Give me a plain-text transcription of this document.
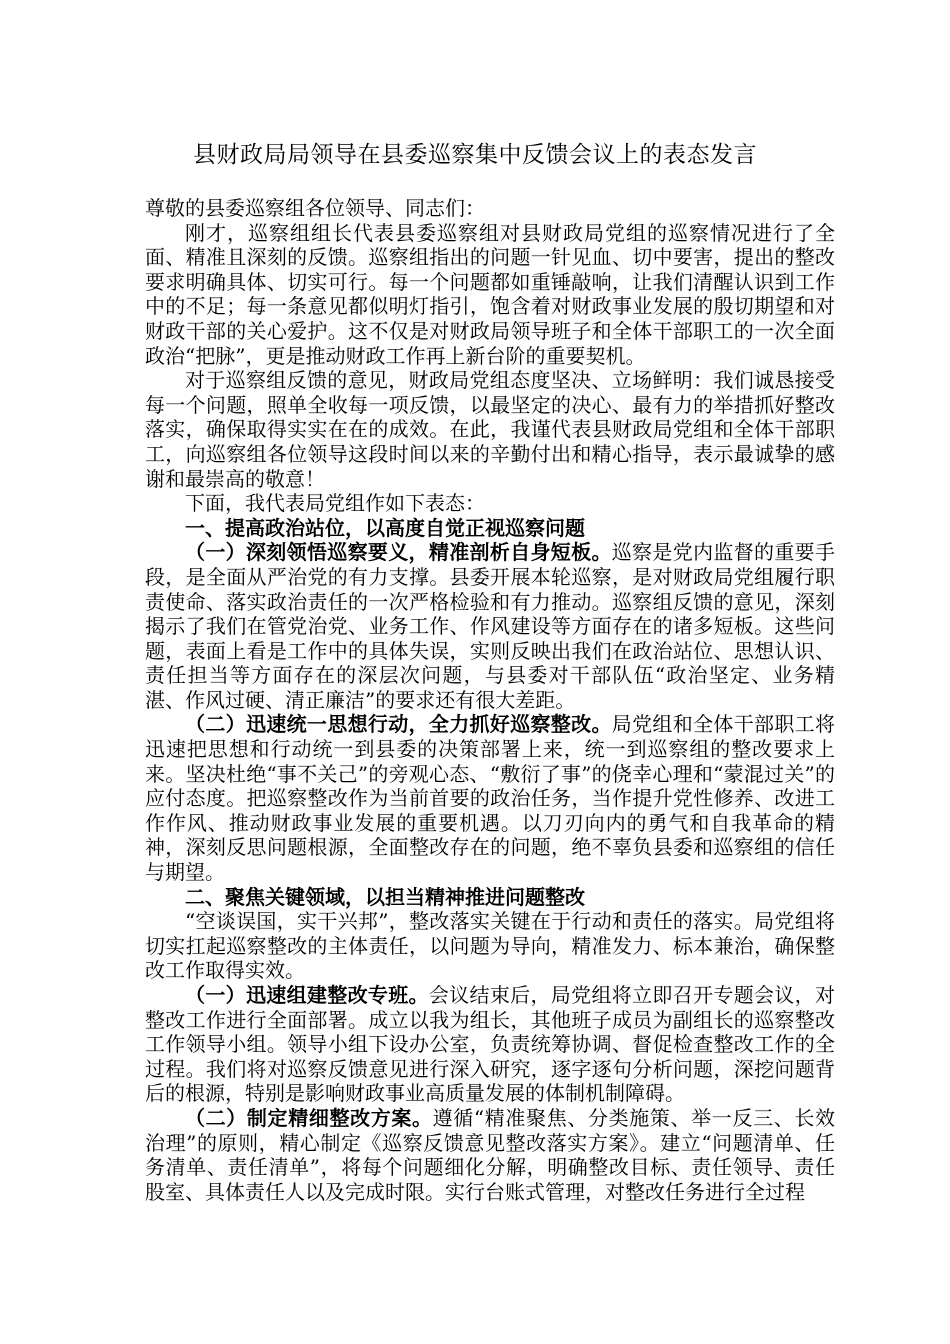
县财政局局领导在县委巡察集中反馈会议上的表态发言

尊敬的县委巡察组各位领导、同志们：

刚才，巡察组组长代表县委巡察组对县财政局党组的巡察情况进行了全面、精准且深刻的反馈。巡察组指出的问题一针见血、切中要害，提出的整改要求明确具体、切实可行。每一个问题都如重锤敲响，让我们清醒认识到工作中的不足；每一条意见都似明灯指引，饱含着对财政事业发展的殷切期望和对财政干部的关心爱护。这不仅是对财政局领导班子和全体干部职工的一次全面政治“把脉”，更是推动财政工作再上新台阶的重要契机。

对于巡察组反馈的意见，财政局党组态度坚决、立场鲜明：我们诚恳接受每一个问题，照单全收每一项反馈，以最坚定的决心、最有力的举措抓好整改落实，确保取得实实在在的成效。在此，我谨代表县财政局党组和全体干部职工，向巡察组各位领导这段时间以来的辛勤付出和精心指导，表示最诚挚的感谢和最崇高的敬意！

下面，我代表局党组作如下表态：

一、提高政治站位，以高度自觉正视巡察问题

（一）深刻领悟巡察要义，精准剖析自身短板。巡察是党内监督的重要手段，是全面从严治党的有力支撑。县委开展本轮巡察，是对财政局党组履行职责使命、落实政治责任的一次严格检验和有力推动。巡察组反馈的意见，深刻揭示了我们在管党治党、业务工作、作风建设等方面存在的诸多短板。这些问题，表面上看是工作中的具体失误，实则反映出我们在政治站位、思想认识、责任担当等方面存在的深层次问题，与县委对干部队伍“政治坚定、业务精湛、作风过硬、清正廉洁”的要求还有很大差距。

（二）迅速统一思想行动，全力抓好巡察整改。局党组和全体干部职工将迅速把思想和行动统一到县委的决策部署上来，统一到巡察组的整改要求上来。坚决杜绝“事不关己”的旁观心态、“敷衍了事”的侥幸心理和“蒙混过关”的应付态度。把巡察整改作为当前首要的政治任务，当作提升党性修养、改进工作作风、推动财政事业发展的重要机遇。以刀刃向内的勇气和自我革命的精神，深刻反思问题根源，全面整改存在的问题，绝不辜负县委和巡察组的信任与期望。

二、聚焦关键领域，以担当精神推进问题整改

“空谈误国，实干兴邦”，整改落实关键在于行动和责任的落实。局党组将切实扛起巡察整改的主体责任，以问题为导向，精准发力、标本兼治，确保整改工作取得实效。

（一）迅速组建整改专班。会议结束后，局党组将立即召开专题会议，对整改工作进行全面部署。成立以我为组长，其他班子成员为副组长的巡察整改工作领导小组。领导小组下设办公室，负责统筹协调、督促检查整改工作的全过程。我们将对巡察反馈意见进行深入研究，逐字逐句分析问题，深挖问题背后的根源，特别是影响财政事业高质量发展的体制机制障碍。

（二）制定精细整改方案。遵循“精准聚焦、分类施策、举一反三、长效治理”的原则，精心制定《巡察反馈意见整改落实方案》。建立“问题清单、任务清单、责任清单”，将每个问题细化分解，明确整改目标、责任领导、责任股室、具体责任人以及完成时限。实行台账式管理，对整改任务进行全过程
